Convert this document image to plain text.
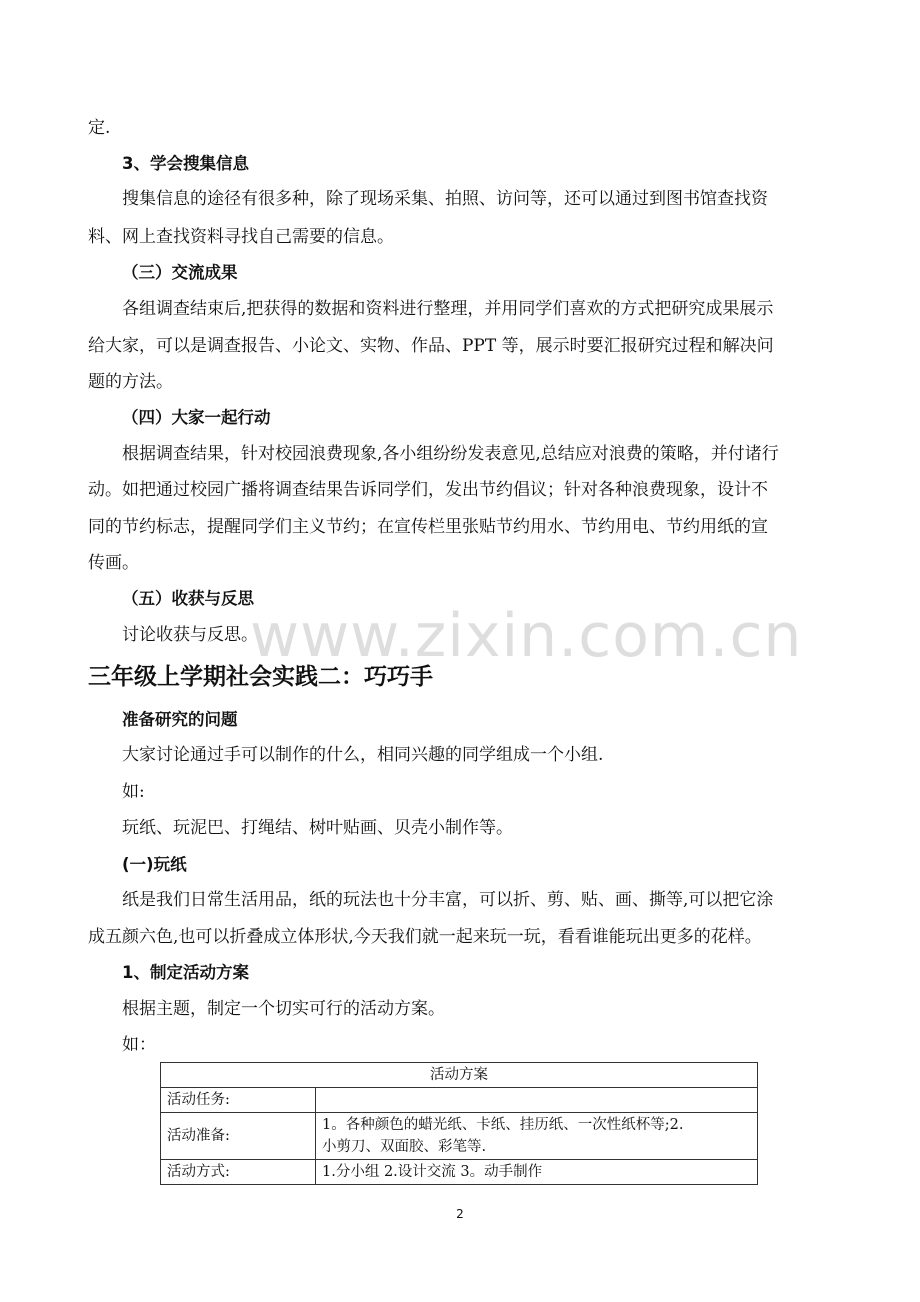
www.zixin.com.cn
定.
3、学会搜集信息
搜集信息的途径有很多种，除了现场采集、拍照、访问等，还可以通过到图书馆查找资
料、网上查找资料寻找自己需要的信息。
（三）交流成果
各组调查结束后,把获得的数据和资料进行整理，并用同学们喜欢的方式把研究成果展示
给大家，可以是调查报告、小论文、实物、作品、PPT 等，展示时要汇报研究过程和解决问
题的方法。
（四）大家一起行动
根据调查结果，针对校园浪费现象,各小组纷纷发表意见,总结应对浪费的策略，并付诸行
动。如把通过校园广播将调查结果告诉同学们，发出节约倡议；针对各种浪费现象，设计不
同的节约标志，提醒同学们主义节约；在宣传栏里张贴节约用水、节约用电、节约用纸的宣
传画。
（五）收获与反思
讨论收获与反思。
三年级上学期社会实践二：巧巧手
准备研究的问题
大家讨论通过手可以制作的什么，相同兴趣的同学组成一个小组.
如:
玩纸、玩泥巴、打绳结、树叶贴画、贝壳小制作等。
(一)玩纸
纸是我们日常生活用品，纸的玩法也十分丰富，可以折、剪、贴、画、撕等,可以把它涂
成五颜六色,也可以折叠成立体形状,今天我们就一起来玩一玩，看看谁能玩出更多的花样。
1、制定活动方案
根据主题，制定一个切实可行的活动方案。
如：
活动方案	
活动任务:	
活动准备:	1。各种颜色的蜡光纸、卡纸、挂历纸、一次性纸杯等;2.
小剪刀、双面胶、彩笔等.

活动方式:	1.分小组 2.设计交流 3。动手制作
2
